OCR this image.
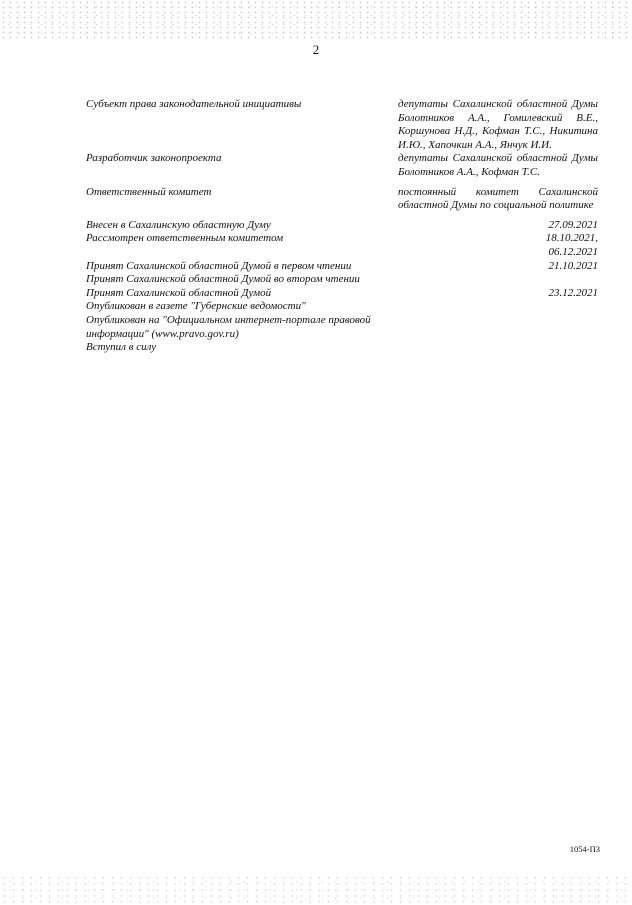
2
Субъект права законодательной инициативы	депутаты Сахалинской областной Думы Болотников А.А., Гомилевский В.Е., Коршунова Н.Д., Кофман Т.С., Никитина И.Ю., Хапочкин А.А., Янчук И.И.
Разработчик законопроекта	депутаты Сахалинской областной Думы Болотников А.А., Кофман Т.С.
Ответственный комитет	постоянный комитет Сахалинской областной Думы по социальной политике
Внесен в Сахалинскую областную Думу	27.09.2021
Рассмотрен ответственным комитетом	18.10.2021,
06.12.2021
Принят Сахалинской областной Думой в первом чтении	21.10.2021
Принят Сахалинской областной Думой во втором чтении
Принят Сахалинской областной Думой	23.12.2021
Опубликован в газете "Губернские ведомости"
Опубликован на "Официальном интернет-портале правовой информации" (www.pravo.gov.ru)
Вступил в силу
1054-ПЗ
